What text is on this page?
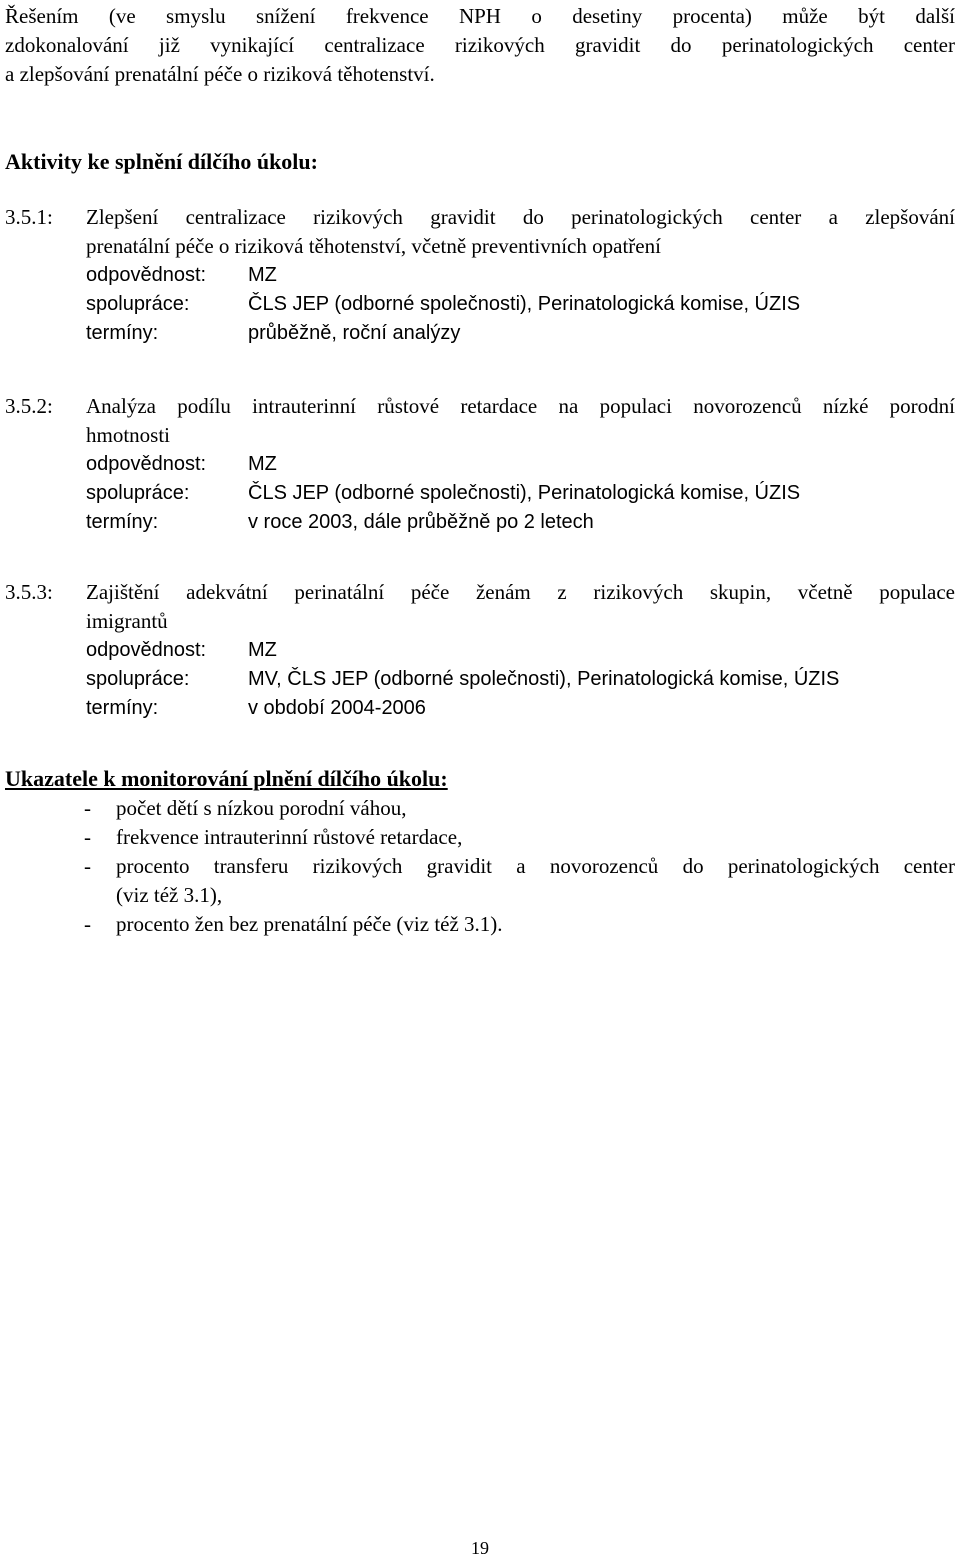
Řešením (ve smyslu snížení frekvence NPH o desetiny procenta) může být další
zdokonalování již vynikající centralizace rizikových gravidit do perinatologických center
a zlepšování prenatální péče o riziková těhotenství.
Aktivity ke splnění dílčího úkolu:
3.5.1:	Zlepšení centralizace rizikových gravidit do perinatologických center a zlepšování
prenatální péče o riziková těhotenství, včetně preventivních opatření
odpovědnost: MZ
spolupráce:	ČLS JEP (odborné společnosti), Perinatologická komise, ÚZIS
termíny:	průběžně, roční analýzy
3.5.2:	Analýza podílu intrauterinní růstové retardace na populaci novorozenců nízké porodní
hmotnosti
odpovědnost: MZ
spolupráce:	ČLS JEP (odborné společnosti), Perinatologická komise, ÚZIS
termíny:	v roce 2003, dále průběžně po 2 letech
3.5.3:	Zajištění adekvátní perinatální péče ženám z rizikových skupin, včetně populace
imigrantů
odpovědnost: MZ
spolupráce:	MV, ČLS JEP (odborné společnosti), Perinatologická komise, ÚZIS
termíny:	v období 2004-2006
Ukazatele k monitorování plnění dílčího úkolu:
- počet dětí s nízkou porodní váhou,
- frekvence intrauterinní růstové retardace,
- procento transferu rizikových gravidit a novorozenců do perinatologických center
(viz též 3.1),
- procento žen bez prenatální péče (viz též 3.1).
19
